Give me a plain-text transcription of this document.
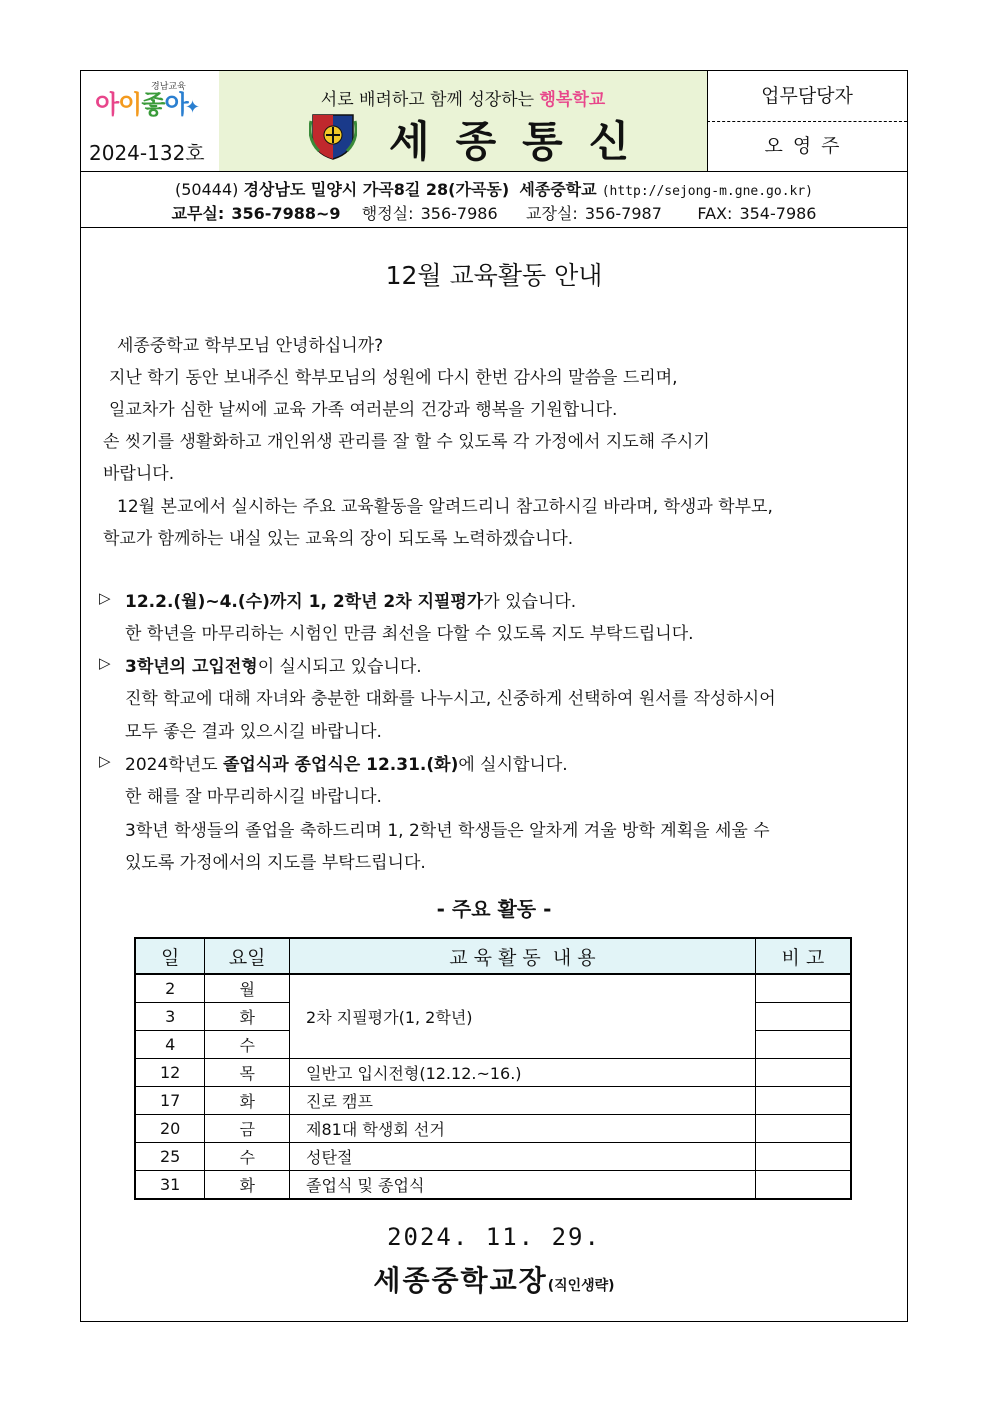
경남교육
아이좋아
✦
2024-132호
서로 배려하고 함께 성장하는 행복학교
세종통신
업무담당자
오영주
(50444) 경상남도 밀양시 가곡8길 28(가곡동) 세종중학교 (http://sejong-m.gne.go.kr)
교무실: 356-7988~9 행정실: 356-7986 교장실: 356-7987 FAX: 354-7986
12월 교육활동 안내
세종중학교 학부모님 안녕하십니까?
지난 학기 동안 보내주신 학부모님의 성원에 다시 한번 감사의 말씀을 드리며,
일교차가 심한 날씨에 교육 가족 여러분의 건강과 행복을 기원합니다.
손 씻기를 생활화하고 개인위생 관리를 잘 할 수 있도록 각 가정에서 지도해 주시기
바랍니다.
12월 본교에서 실시하는 주요 교육활동을 알려드리니 참고하시길 바라며, 학생과 학부모,
학교가 함께하는 내실 있는 교육의 장이 되도록 노력하겠습니다.
▷ 12.2.(월)~4.(수)까지 1, 2학년 2차 지필평가가 있습니다.
한 학년을 마무리하는 시험인 만큼 최선을 다할 수 있도록 지도 부탁드립니다.
▷ 3학년의 고입전형이 실시되고 있습니다.
진학 학교에 대해 자녀와 충분한 대화를 나누시고, 신중하게 선택하여 원서를 작성하시어
모두 좋은 결과 있으시길 바랍니다.
▷ 2024학년도 졸업식과 종업식은 12.31.(화)에 실시합니다.
한 해를 잘 마무리하시길 바랍니다.
3학년 학생들의 졸업을 축하드리며 1, 2학년 학생들은 알차게 겨울 방학 계획을 세울 수
있도록 가정에서의 지도를 부탁드립니다.
- 주요 활동 -
일	요일	교 육 활 동  내 용	비 고
2	월	2차 지필평가(1, 2학년)	
3	화		
4	수		
12	목	일반고 입시전형(12.12.~16.)	
17	화	진로 캠프	
20	금	제81대 학생회 선거	
25	수	성탄절	
31	화	졸업식 및 종업식	
2024. 11. 29.
세종중학교장(직인생략)
